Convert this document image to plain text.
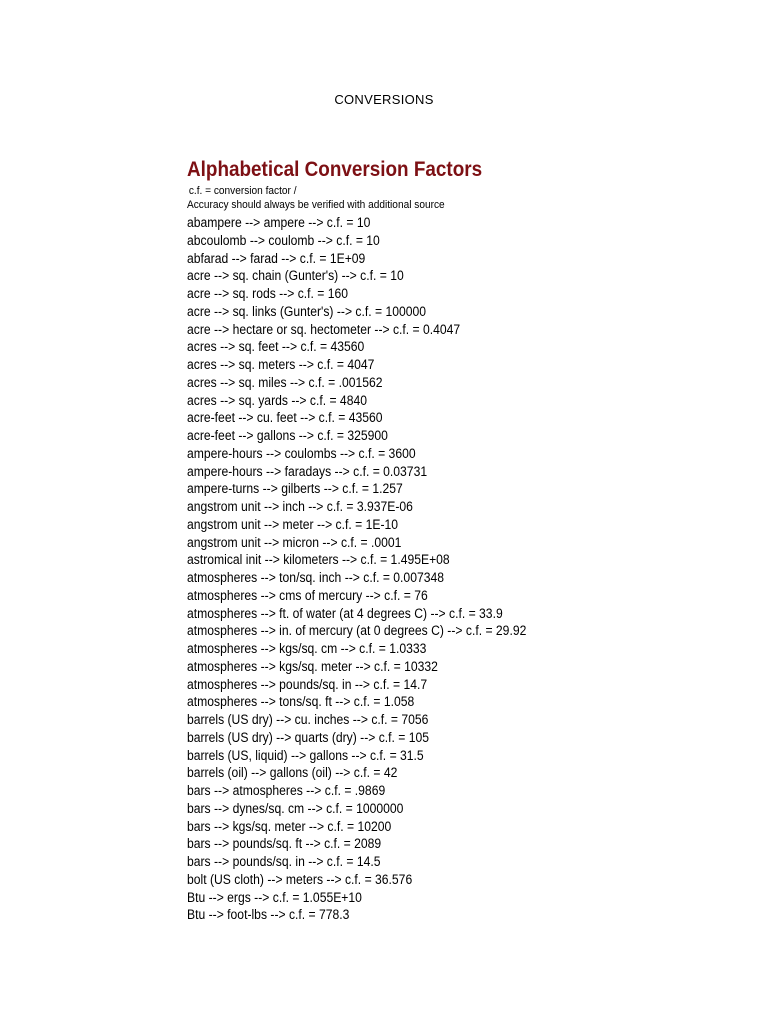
CONVERSIONS
Alphabetical Conversion Factors
c.f. = conversion factor /
Accuracy should always be verified with additional source
abampere --> ampere --> c.f. = 10
abcoulomb --> coulomb --> c.f. = 10
abfarad --> farad --> c.f. = 1E+09
acre --> sq. chain (Gunter's) --> c.f. = 10
acre --> sq. rods --> c.f. = 160
acre --> sq. links (Gunter's) --> c.f. = 100000
acre --> hectare or sq. hectometer --> c.f. = 0.4047
acres --> sq. feet --> c.f. = 43560
acres --> sq. meters --> c.f. = 4047
acres --> sq. miles --> c.f. = .001562
acres --> sq. yards --> c.f. = 4840
acre-feet --> cu. feet --> c.f. = 43560
acre-feet --> gallons --> c.f. = 325900
ampere-hours --> coulombs --> c.f. = 3600
ampere-hours --> faradays --> c.f. = 0.03731
ampere-turns --> gilberts --> c.f. = 1.257
angstrom unit --> inch --> c.f. = 3.937E-06
angstrom unit --> meter --> c.f. = 1E-10
angstrom unit --> micron --> c.f. = .0001
astromical init --> kilometers --> c.f. = 1.495E+08
atmospheres --> ton/sq. inch --> c.f. = 0.007348
atmospheres --> cms of mercury --> c.f. = 76
atmospheres --> ft. of water (at 4 degrees C) --> c.f. = 33.9
atmospheres --> in. of mercury (at 0 degrees C) --> c.f. = 29.92
atmospheres --> kgs/sq. cm --> c.f. = 1.0333
atmospheres --> kgs/sq. meter --> c.f. = 10332
atmospheres --> pounds/sq. in --> c.f. = 14.7
atmospheres --> tons/sq. ft --> c.f. = 1.058
barrels (US dry) --> cu. inches --> c.f. = 7056
barrels (US dry) --> quarts (dry) --> c.f. = 105
barrels (US, liquid) --> gallons --> c.f. = 31.5
barrels (oil) --> gallons (oil) --> c.f. = 42
bars --> atmospheres --> c.f. = .9869
bars --> dynes/sq. cm --> c.f. = 1000000
bars --> kgs/sq. meter --> c.f. = 10200
bars --> pounds/sq. ft --> c.f. = 2089
bars --> pounds/sq. in --> c.f. = 14.5
bolt (US cloth) --> meters --> c.f. = 36.576
Btu --> ergs --> c.f. = 1.055E+10
Btu --> foot-lbs --> c.f. = 778.3
